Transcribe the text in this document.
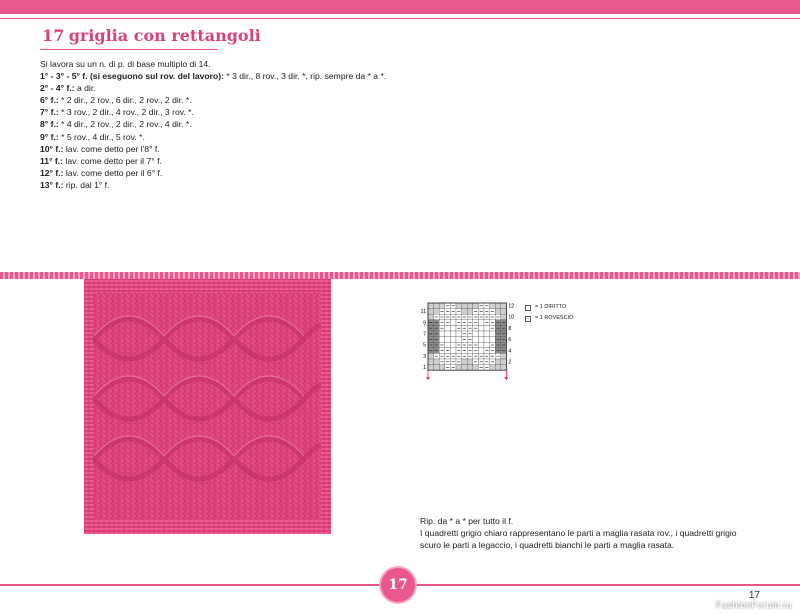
17 griglia con rettangoli
Si lavora su un n. di p. di base multiplo di 14.
1° - 3° - 5° f. (si eseguono sul rov. del lavoro): * 3 dir., 8 rov., 3 dir. *, rip. sempre da * a *.
2° - 4° f.: a dir.
6° f.: * 2 dir., 2 rov., 6 dir., 2 rov., 2 dir. *.
7° f.: * 3 rov., 2 dir., 4 rov., 2 dir., 3 rov. *.
8° f.: * 4 dir., 2 rov., 2 dir., 2 rov., 4 dir. *.
9° f.: * 5 rov., 4 dir., 5 rov. *.
10° f.: lav. come detto per l'8° f.
11° f.: lav. come detto per il 7° f.
12° f.: lav. come detto per il 6° f.
13° f.: rip. dal 1° f.
11
9
7
5
3
1
12
10
8
6
4
2
= 1 DIRITTO
− = 1 ROVESCIO
Rip. da * a * per tutto il f.
I quadretti grigio chiaro rappresentano le parti a maglia rasata rov., i quadretti grigio
scuro le parti a legaccio, i quadretti bianchi le parti a maglia rasata.
17
17
FashionForum.ru
